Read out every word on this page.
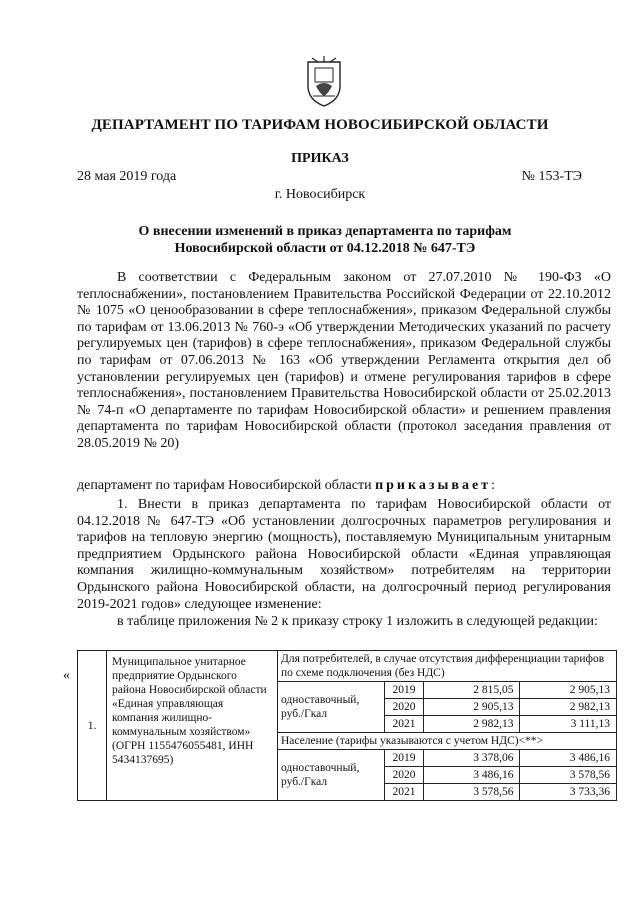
ДЕПАРТАМЕНТ ПО ТАРИФАМ НОВОСИБИРСКОЙ ОБЛАСТИ
ПРИКАЗ
28 мая 2019 года	№ 153-ТЭ
г. Новосибирск
О внесении изменений в приказ департамента по тарифам Новосибирской области от 04.12.2018 № 647-ТЭ
В соответствии с Федеральным законом от 27.07.2010 № 190-ФЗ «О теплоснабжении», постановлением Правительства Российской Федерации от 22.10.2012 № 1075 «О ценообразовании в сфере теплоснабжения», приказом Федеральной службы по тарифам от 13.06.2013 № 760-э «Об утверждении Методических указаний по расчету регулируемых цен (тарифов) в сфере теплоснабжения», приказом Федеральной службы по тарифам от 07.06.2013 № 163 «Об утверждении Регламента открытия дел об установлении регулируемых цен (тарифов) и отмене регулирования тарифов в сфере теплоснабжения», постановлением Правительства Новосибирской области от 25.02.2013 № 74-п «О департаменте по тарифам Новосибирской области» и решением правления департамента по тарифам Новосибирской области (протокол заседания правления от 28.05.2019 № 20)
департамент по тарифам Новосибирской области приказывает:
1. Внести в приказ департамента по тарифам Новосибирской области от 04.12.2018 № 647-ТЭ «Об установлении долгосрочных параметров регулирования и тарифов на тепловую энергию (мощность), поставляемую Муниципальным унитарным предприятием Ордынского района Новосибирской области «Единая управляющая компания жилищно-коммунальным хозяйством» потребителям на территории Ордынского района Новосибирской области, на долгосрочный период регулирования 2019-2021 годов» следующее изменение:
в таблице приложения № 2 к приказу строку 1 изложить в следующей редакции:
«
1.	Муниципальное унитарное предприятие Ордынского района Новосибирской области «Единая управляющая компания жилищно-коммунальным хозяйством» (ОГРН 1155476055481, ИНН 5434137695)	Для потребителей, в случае отсутствия дифференциации тарифов по схеме подключения (без НДС)			
		одноставочный, руб./Гкал	2019	2 815,05	2 905,13
			2020	2 905,13	2 982,13
			2021	2 982,13	3 111,13
		Население (тарифы указываются с учетом НДС)<**>			
		одноставочный, руб./Гкал	2019	3 378,06	3 486,16
			2020	3 486,16	3 578,56
			2021	3 578,56	3 733,36
